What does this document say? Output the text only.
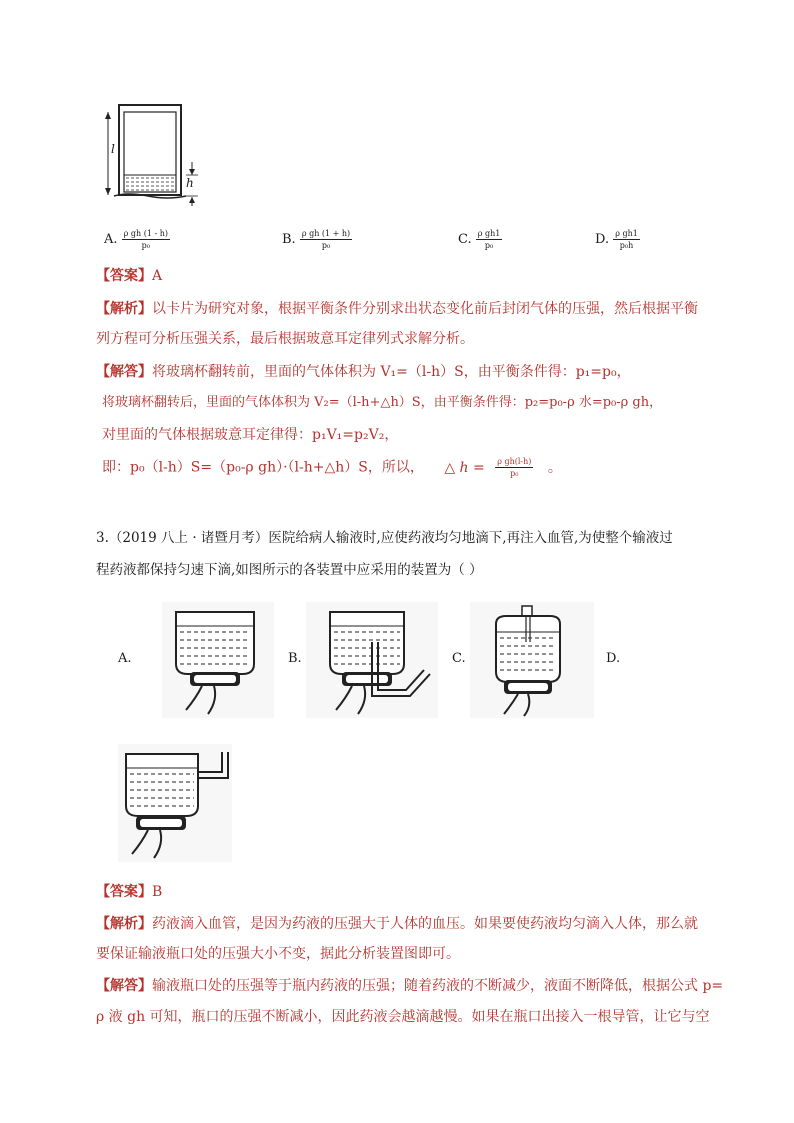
l
h
A. $\frac{\text{ρ gh (1 - h)}}{\text{p₀}}$	B. $\frac{\text{ρ gh (1 + h)}}{\text{p₀}}$	C. $\frac{\text{ρ gh1}}{\text{p₀}}$	D. $\frac{\text{ρ gh1}}{\text{p₀h}}$
【答案】A
【解析】以卡片为研究对象，根据平衡条件分别求出状态变化前后封闭气体的压强，然后根据平衡
列方程可分析压强关系，最后根据玻意耳定律列式求解分析。
【解答】将玻璃杯翻转前，里面的气体体积为 V₁=（l-h）S，由平衡条件得：p₁=p₀，
将玻璃杯翻转后，里面的气体体积为 V₂=（l-h+△h）S，由平衡条件得：p₂=p₀-ρ 水=p₀-ρ gh，
对里面的气体根据玻意耳定律得：p₁V₁=p₂V₂，
即：p₀（l-h）S=（p₀-ρ gh）·（l-h+△h）S，所以， △ $h = \frac{\text{ρ gh(l-h)}}{\text{p₀}}$ 。
3.（2019 八上 · 诸暨月考）医院给病人输液时,应使药液均匀地滴下,再注入血管,为使整个输液过
程药液都保持匀速下滴,如图所示的各装置中应采用的装置为（ ）
A.	B.	C.	D.
【答案】B
【解析】药液滴入血管，是因为药液的压强大于人体的血压。如果要使药液均匀滴入人体，那么就
要保证输液瓶口处的压强大小不变，据此分析装置图即可。
【解答】输液瓶口处的压强等于瓶内药液的压强；随着药液的不断减少，液面不断降低，根据公式 p=
ρ 液 gh 可知，瓶口的压强不断减小，因此药液会越滴越慢。如果在瓶口出接入一根导管，让它与空
